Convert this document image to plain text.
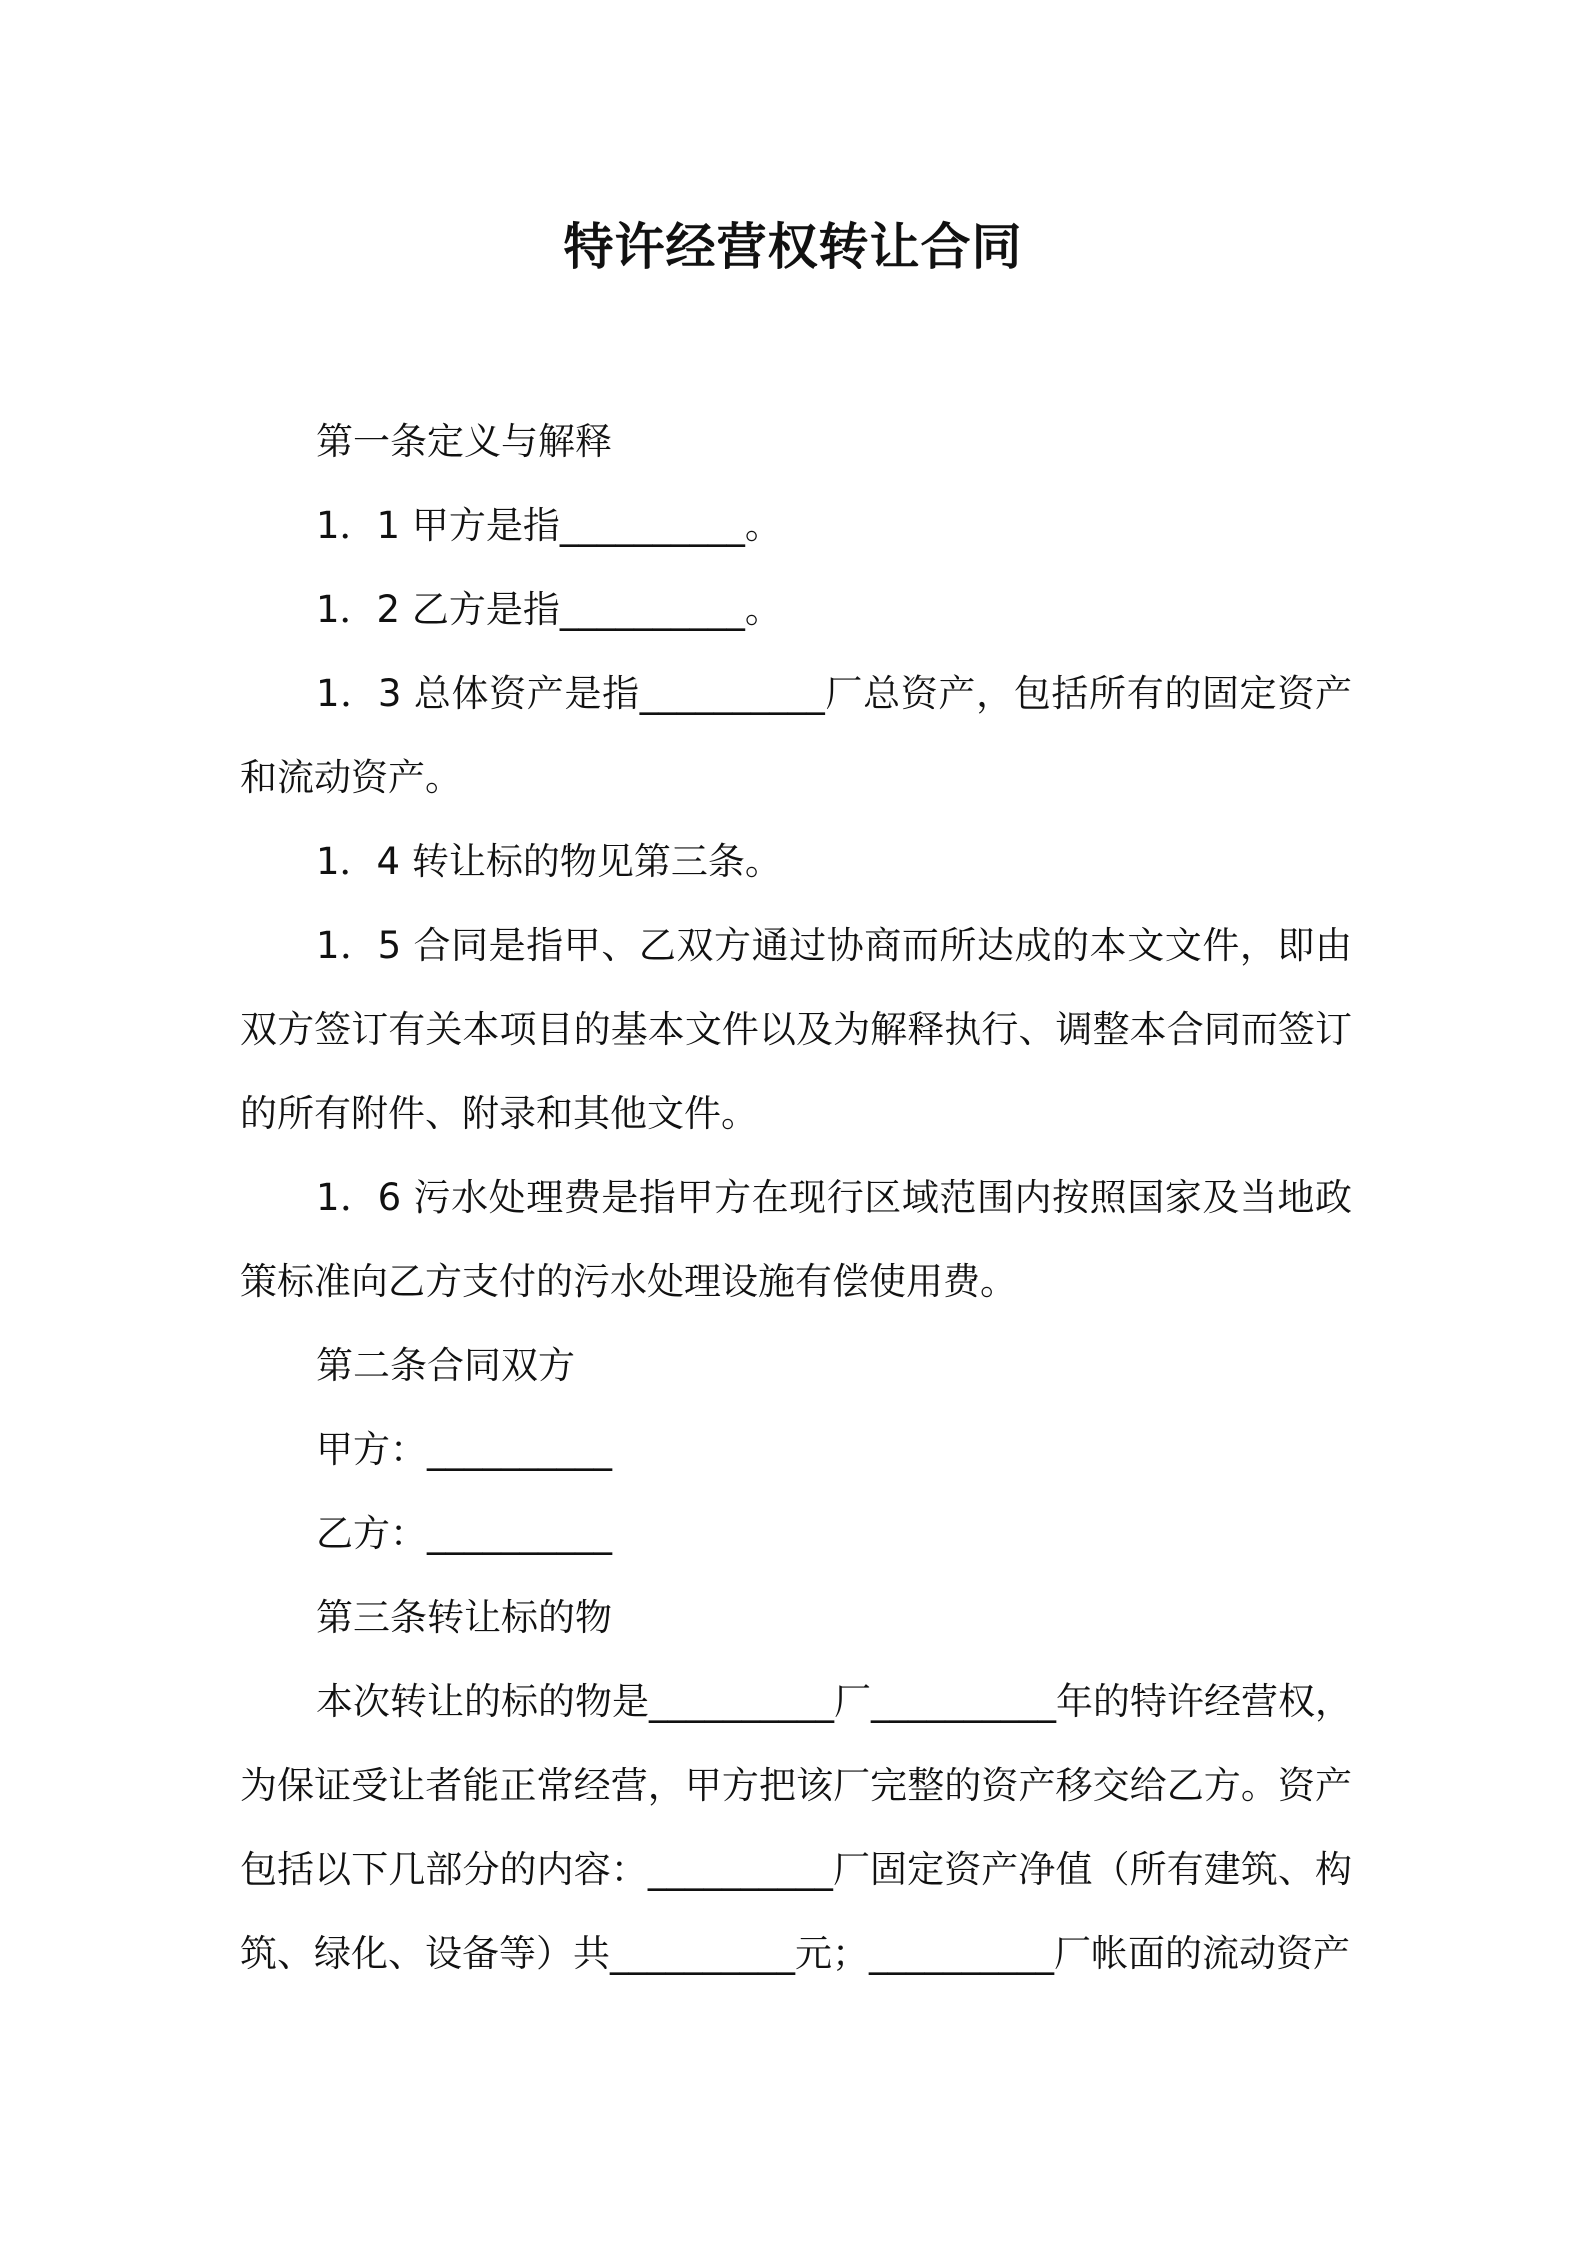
特许经营权转让合同

第一条定义与解释

1．1 甲方是指__________。

1．2 乙方是指__________。

1．3 总体资产是指__________厂总资产，包括所有的固定资产和流动资产。

1．4 转让标的物见第三条。

1．5 合同是指甲、乙双方通过协商而所达成的本文文件，即由双方签订有关本项目的基本文件以及为解释执行、调整本合同而签订的所有附件、附录和其他文件。

1．6 污水处理费是指甲方在现行区域范围内按照国家及当地政策标准向乙方支付的污水处理设施有偿使用费。

第二条合同双方

甲方：__________

乙方：__________

第三条转让标的物

本次转让的标的物是__________厂__________年的特许经营权，为保证受让者能正常经营，甲方把该厂完整的资产移交给乙方。资产包括以下几部分的内容：__________厂固定资产净值（所有建筑、构筑、绿化、设备等）共__________元；__________厂帐面的流动资产
